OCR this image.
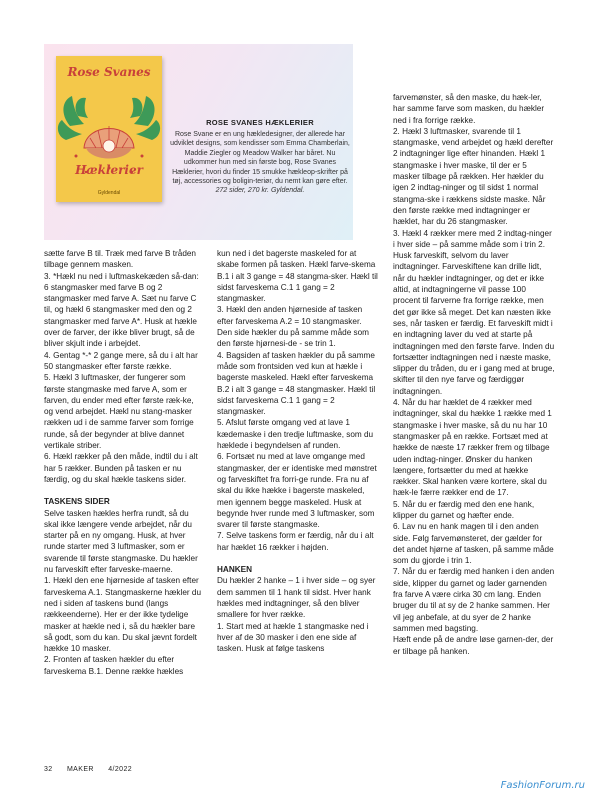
Rose Svanes
Hæklerier
Gyldendal

ROSE SVANES HÆKLERIER

Rose Svane er en ung hækledesigner, der allerede har udviklet designs, som kendisser som Emma Chamberlain, Maddie Ziegler og Meadow Walker har båret. Nu udkommer hun med sin første bog, Rose Svanes Hæklerier, hvori du finder 15 smukke hækleop-skrifter på tøj, accessories og boligin-teriør, du nemt kan gøre efter.

272 sider, 270 kr. Gyldendal.

sætte farve B til. Træk med farve B tråden tilbage gennem masken.

3. *Hækl nu ned i luftmaskekæden så-dan: 6 stangmasker med farve B og 2 stangmasker med farve A. Sæt nu farve C til, og hækl 6 stangmasker med den og 2 stangmasker med farve A*. Husk at hækle over de farver, der ikke bliver brugt, så de bliver skjult inde i arbejdet.

4. Gentag *-* 2 gange mere, så du i alt har 50 stangmasker efter første række.

5. Hækl 3 luftmasker, der fungerer som første stangmaske med farve A, som er farven, du ender med efter første ræk-ke, og vend arbejdet. Hækl nu stang-masker rækken ud i de samme farver som forrige runde, så der begynder at blive dannet vertikale striber.

6. Hækl rækker på den måde, indtil du i alt har 5 rækker. Bunden på tasken er nu færdig, og du skal hækle taskens sider.

TASKENS SIDER

Selve tasken hækles herfra rundt, så du skal ikke længere vende arbejdet, når du starter på en ny omgang. Husk, at hver runde starter med 3 luftmasker, som er svarende til første stangmaske. Du hækler nu farveskift efter farveske-maerne.

1. Hækl den ene hjørneside af tasken efter farveskema A.1. Stangmaskerne hækler du ned i siden af taskens bund (langs rækkeenderne). Her er der ikke tydelige masker at hækle ned i, så du hækler bare så godt, som du kan. Du skal jævnt fordelt hække 10 masker.

2. Fronten af tasken hækler du efter farveskema B.1. Denne række hækles

kun ned i det bagerste maskeled for at skabe formen på tasken. Hækl farve-skema B.1 i alt 3 gange = 48 stangma-sker. Hækl til sidst farveskema C.1 1 gang = 2 stangmasker.

3. Hækl den anden hjørneside af tasken efter farveskema A.2 = 10 stangmasker. Den side hækler du på samme måde som den første hjørnesi-de - se trin 1.

4. Bagsiden af tasken hækler du på samme måde som frontsiden ved kun at hækle i bagerste maskeled. Hækl efter farveskema B.2 i alt 3 gange = 48 stangmasker. Hækl til sidst farveskema C.1 1 gang = 2 stangmasker.

5. Afslut første omgang ved at lave 1 kædemaske i den tredje luftmaske, som du hæklede i begyndelsen af runden.

6. Fortsæt nu med at lave omgange med stangmasker, der er identiske med mønstret og farveskiftet fra forri-ge runde. Fra nu af skal du ikke hække i bagerste maskeled, men igennem begge maskeled. Husk at begynde hver runde med 3 luftmasker, som svarer til første stangmaske.

7. Selve taskens form er færdig, når du i alt har hæklet 16 rækker i højden.

HANKEN

Du hækler 2 hanke – 1 i hver side – og syer dem sammen til 1 hank til sidst. Hver hank hækles med indtagninger, så den bliver smallere for hver række.

1. Start med at hækle 1 stangmaske ned i hver af de 30 masker i den ene side af tasken. Husk at følge taskens

farvemønster, så den maske, du hæk-ler, har samme farve som masken, du hækler ned i fra forrige række.

2. Hækl 3 luftmasker, svarende til 1 stangmaske, vend arbejdet og hækl derefter 2 indtagninger lige efter hinanden. Hækl 1 stangmaske i hver maske, til der er 5 masker tilbage på rækken. Her hækler du igen 2 indtag-ninger og til sidst 1 normal stangma-ske i rækkens sidste maske. Når den første række med indtagninger er hæklet, har du 26 stangmasker.

3. Hækl 4 rækker mere med 2 indtag-ninger i hver side – på samme måde som i trin 2. Husk farveskift, selvom du laver indtagninger. Farveskiftene kan drille lidt, når du hækler indtagninger, og det er ikke altid, at indtagningerne vil passe 100 procent til farverne fra forrige række, men det gør ikke så meget. Det kan næsten ikke ses, når tasken er færdig. Et farveskift midt i en indtagning laver du ved at starte på indtagningen med den første farve. Inden du fortsætter indtagningen ned i næste maske, slipper du tråden, du er i gang med at bruge, skifter til den nye farve og færdiggør indtagningen.

4. Når du har hæklet de 4 rækker med indtagninger, skal du hække 1 række med 1 stangmaske i hver maske, så du nu har 10 stangmasker på en række. Fortsæt med at hække de næste 17 rækker frem og tilbage uden indtag-ninger. Ønsker du hanken længere, fortsætter du med at hække rækker. Skal hanken være kortere, skal du hæk-le færre rækker end de 17.

5. Når du er færdig med den ene hank, klipper du garnet og hæfter ende.

6. Lav nu en hank magen til i den anden side. Følg farvemønsteret, der gælder for det andet hjørne af tasken, på samme måde som du gjorde i trin 1.

7. Når du er færdig med hanken i den anden side, klipper du garnet og lader garnenden fra farve A være cirka 30 cm lang. Enden bruger du til at sy de 2 hanke sammen. Her vil jeg anbefale, at du syer de 2 hanke sammen med bagsting.

Hæft ende på de andre løse garnen-der, der er tilbage på hanken.

32 MAKER 4/2022
FashionForum.ru
